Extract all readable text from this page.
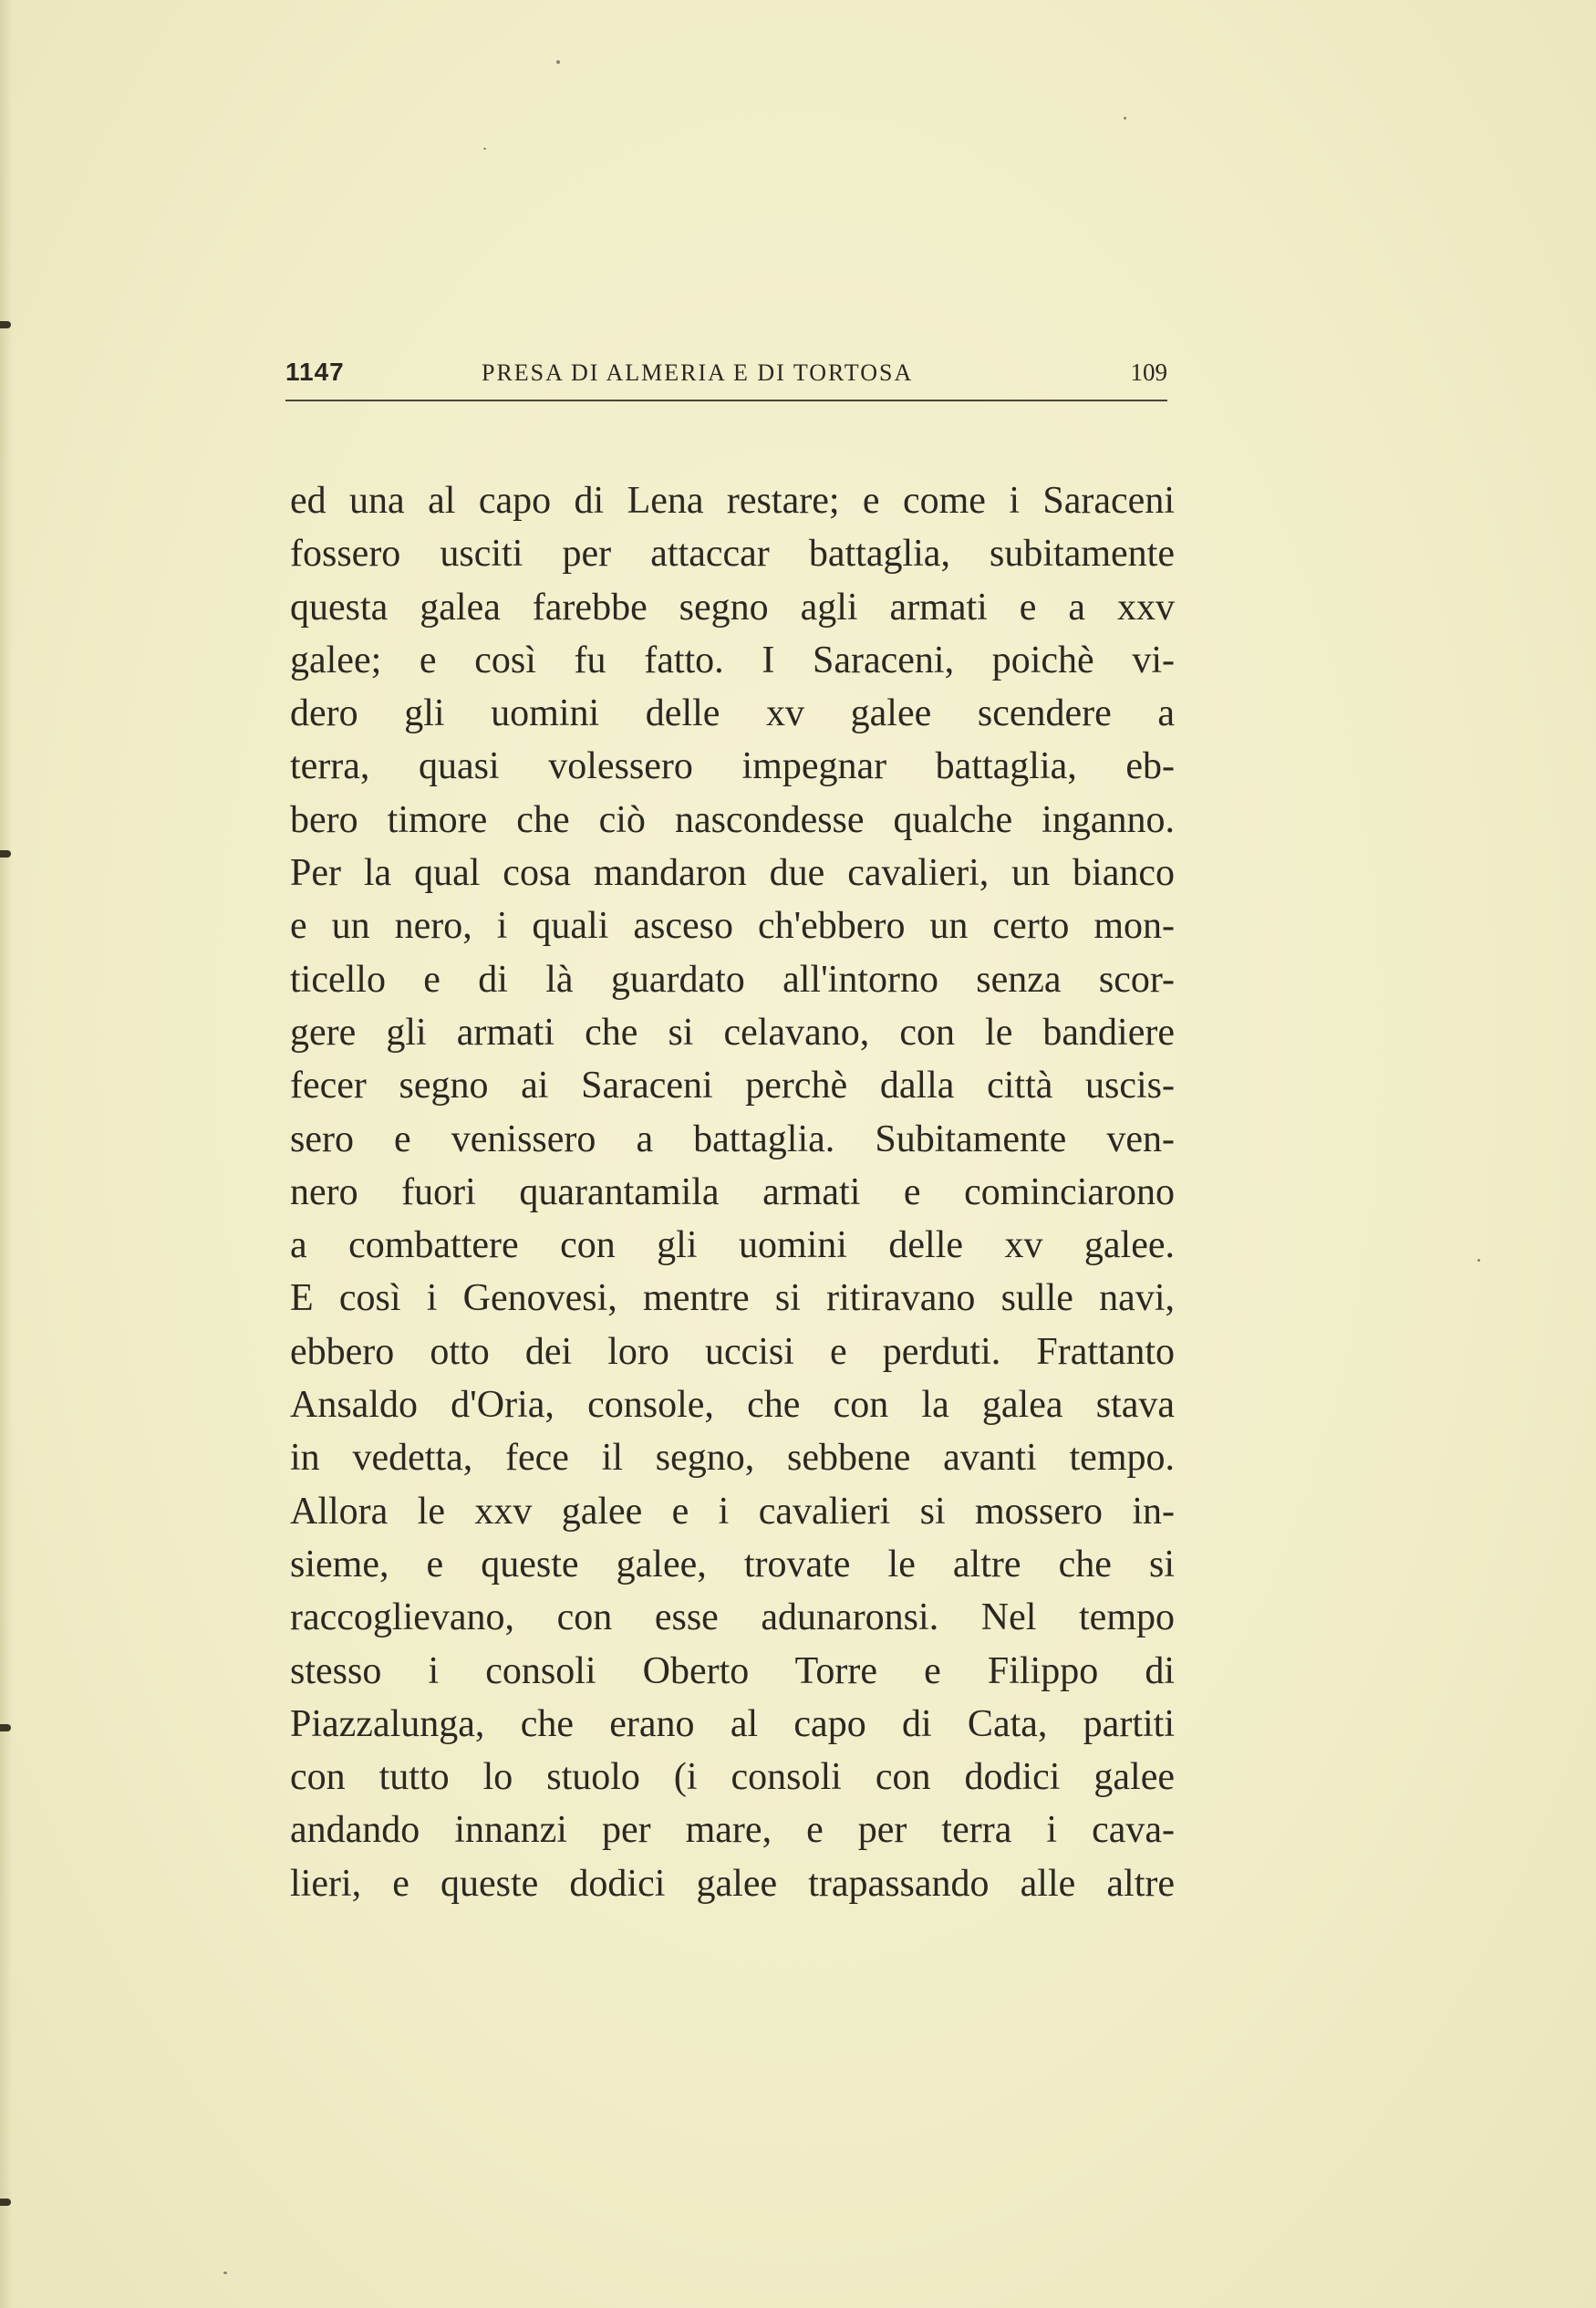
1147	PRESA DI ALMERIA E DI TORTOSA	109
ed una al capo di Lena restare; e come i Saraceni
fossero usciti per attaccar battaglia, subitamente
questa galea farebbe segno agli armati e a xxv
galee; e così fu fatto. I Saraceni, poichè vi-
dero gli uomini delle xv galee scendere a
terra, quasi volessero impegnar battaglia, eb-
bero timore che ciò nascondesse qualche inganno.
Per la qual cosa mandaron due cavalieri, un bianco
e un nero, i quali asceso ch'ebbero un certo mon-
ticello e di là guardato all'intorno senza scor-
gere gli armati che si celavano, con le bandiere
fecer segno ai Saraceni perchè dalla città uscis-
sero e venissero a battaglia. Subitamente ven-
nero fuori quarantamila armati e cominciarono
a combattere con gli uomini delle xv galee.
E così i Genovesi, mentre si ritiravano sulle navi,
ebbero otto dei loro uccisi e perduti. Frattanto
Ansaldo d'Oria, console, che con la galea stava
in vedetta, fece il segno, sebbene avanti tempo.
Allora le xxv galee e i cavalieri si mossero in-
sieme, e queste galee, trovate le altre che si
raccoglievano, con esse adunaronsi. Nel tempo
stesso i consoli Oberto Torre e Filippo di
Piazzalunga, che erano al capo di Cata, partiti
con tutto lo stuolo (i consoli con dodici galee
andando innanzi per mare, e per terra i cava-
lieri, e queste dodici galee trapassando alle altre
